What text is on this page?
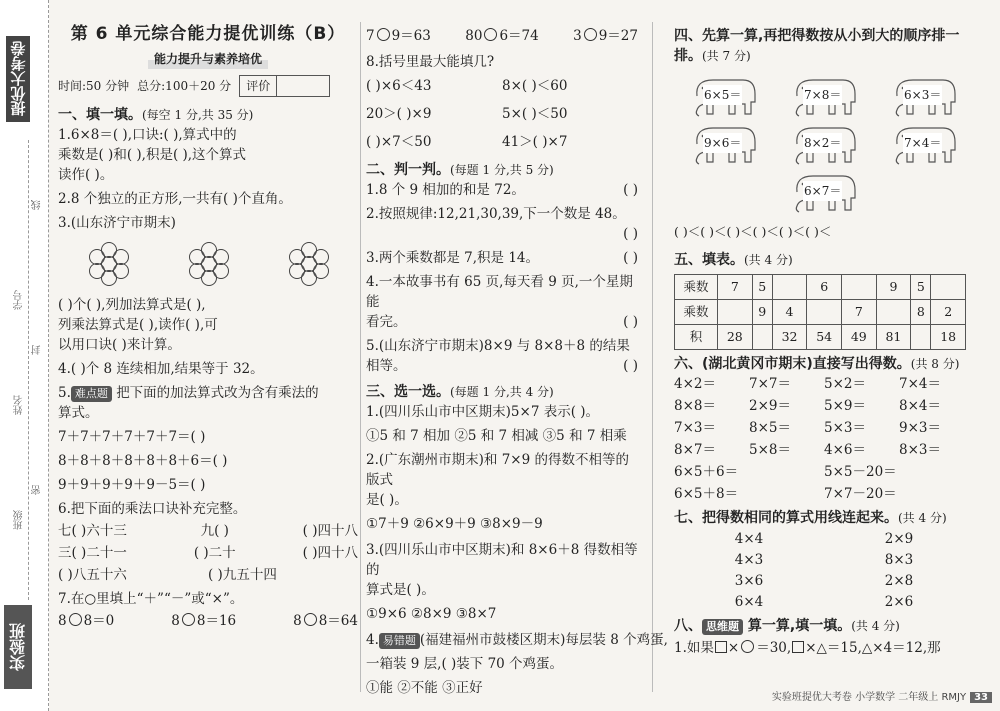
提优大考卷
学号
姓名
班级
线
封
密
实验班
第 6 单元综合能力提优训练（B）
能力提升与素养培优
时间:50 分钟 总分:100＋20 分	评价
一、填一填。(每空 1 分,共 35 分)
1.6×8＝( ),口诀:( ),算式中的
乘数是( )和( ),积是( ),这个算式
读作( )。
2.8 个独立的正方形,一共有( )个直角。
3.(山东济宁市期末)
( )个( ),列加法算式是( ),
列乘法算式是( ),读作( ),可
以用口诀( )来计算。
4.( )个 8 连续相加,结果等于 32。
5. 难点题 把下面的加法算式改为含有乘法的
算式。
7＋7＋7＋7＋7＋7＝( )
8＋8＋8＋8＋8＋8＋6＝( )
9＋9＋9＋9＋9－5＝( )
6.把下面的乘法口诀补充完整。
七( )六十三	九( )	( )四十八
三( )二十一	( )二十	( )四十八
( )八五十六	( )九五十四
7.在○里填上“＋”“－”或“×”。
8 8＝0	8 8＝16	8 8＝64
7 9＝63	80 6＝74	3 9＝27
8.括号里最大能填几?
( )×6＜43	8×( )＜60
20＞( )×9	5×( )＜50
( )×7＜50	41＞( )×7
二、判一判。(每题 1 分,共 5 分)
1.8 个 9 相加的和是 72。	( )
2.按照规律:12,21,30,39,下一个数是 48。
( )
3.两个乘数都是 7,积是 14。	( )
4.一本故事书有 65 页,每天看 9 页,一个星期能
看完。	( )
5.(山东济宁市期末)8×9 与 8×8＋8 的结果
相等。	( )
三、选一选。(每题 1 分,共 4 分)
1.(四川乐山市中区期末)5×7 表示( )。
①5 和 7 相加 ②5 和 7 相减 ③5 和 7 相乘
2.(广东潮州市期末)和 7×9 的得数不相等的版式
是( )。
①7＋9 ②6×9＋9 ③8×9－9
3.(四川乐山市中区期末)和 8×6＋8 得数相等的
算式是( )。
①9×6 ②8×9 ③8×7
4. 易错题 (福建福州市鼓楼区期末)每层装 8 个鸡蛋,
一箱装 9 层,( )装下 70 个鸡蛋。
①能 ②不能 ③正好
四、先算一算,再把得数按从小到大的顺序排一
排。(共 7 分)
6×5＝	7×8＝	6×3＝
9×6＝	8×2＝	7×4＝
6×7＝
( )＜( )＜( )＜( )＜( )＜( )＜
五、填表。(共 4 分)
乘数	7	5		6		9	5	
乘数		9	4		7		8	2
积	28		32	54	49	81		18
六、(湖北黄冈市期末)直接写出得数。(共 8 分)
4×2＝	7×7＝	5×2＝	7×4＝
8×8＝	2×9＝	5×9＝	8×4＝
7×3＝	8×5＝	5×3＝	9×3＝
8×7＝	5×8＝	4×6＝	8×3＝
6×5＋6＝	5×5－20＝
6×5＋8＝	7×7－20＝
七、把得数相同的算式用线连起来。(共 4 分)
4×4	2×9
4×3	8×3
3×6	2×8
6×4	2×6
八、 思维题 算一算,填一填。(共 4 分)
1.如果 × ＝30, ×△＝15,△×4＝12,那
实验班提优大考卷 小学数学 二年级上 RMJY 33
